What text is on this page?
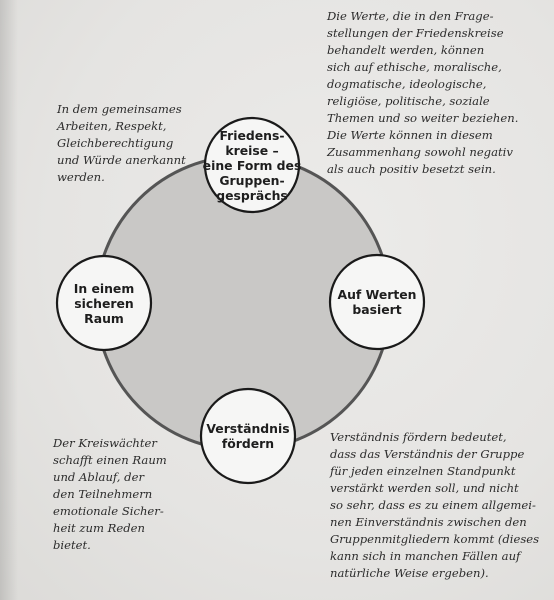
Friedens-
kreise –
eine Form des
Gruppen-
gesprächs
In einem
sicheren
Raum
Auf Werten
basiert
Verständnis
fördern
Die Werte, die in den Frage-
stellungen der Friedenskreise
behandelt werden, können
sich auf ethische, moralische,
dogmatische, ideologische,
religiöse, politische, soziale
Themen und so weiter beziehen.
Die Werte können in diesem
Zusammenhang sowohl negativ
als auch positiv besetzt sein.
In dem gemeinsames
Arbeiten, Respekt,
Gleichberechtigung
und Würde anerkannt
werden.
Der Kreiswächter
schafft einen Raum
und Ablauf, der
den Teilnehmern
emotionale Sicher-
heit zum Reden
bietet.
Verständnis fördern bedeutet,
dass das Verständnis der Gruppe
für jeden einzelnen Standpunkt
verstärkt werden soll, und nicht
so sehr, dass es zu einem allgemei-
nen Einverständnis zwischen den
Gruppenmitgliedern kommt (dieses
kann sich in manchen Fällen auf
natürliche Weise ergeben).
